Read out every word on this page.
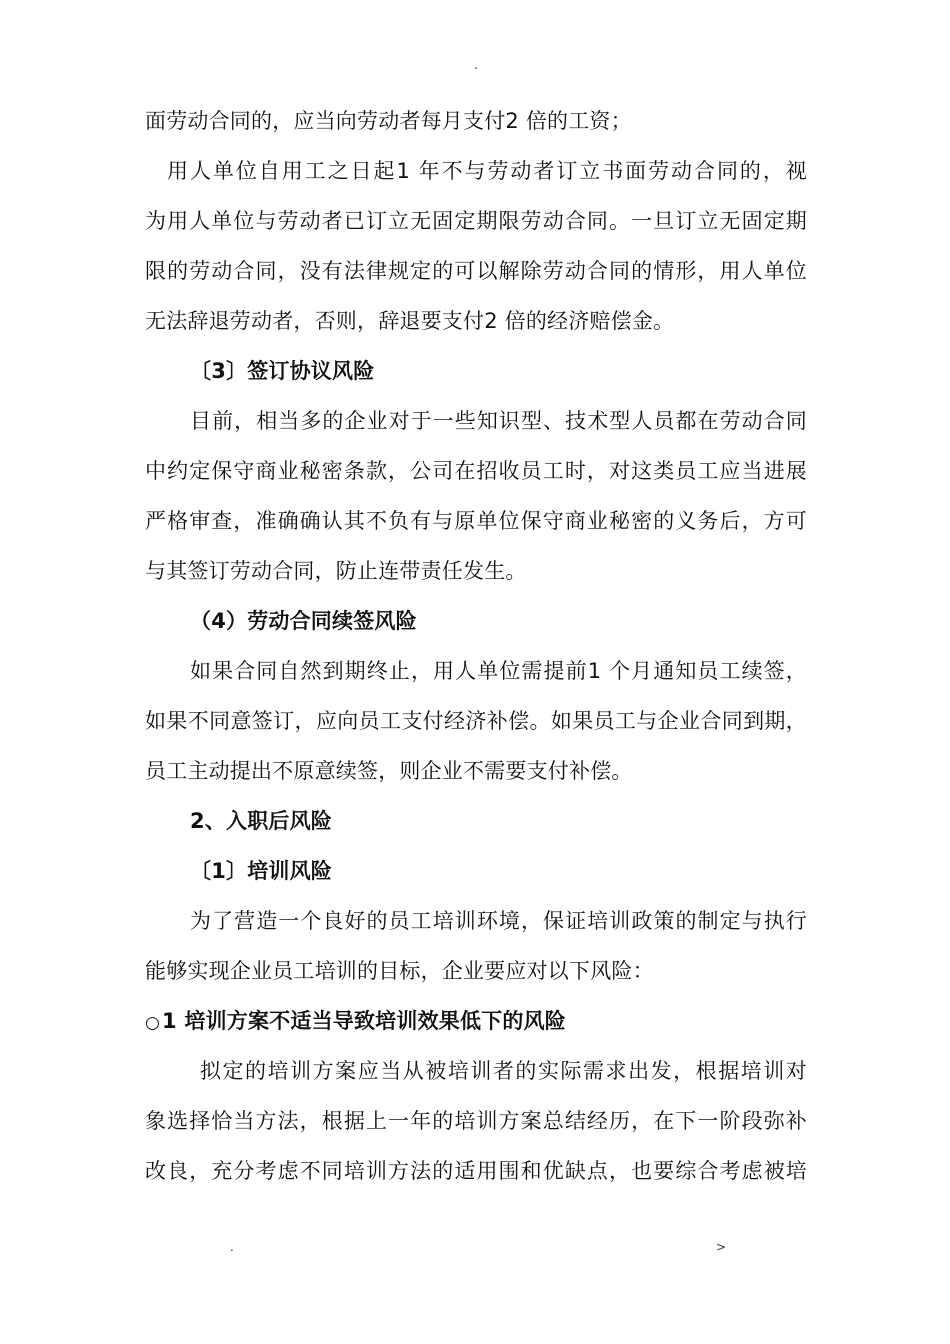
.
面劳动合同的，应当向劳动者每月支付2 倍的工资；
用人单位自用工之日起1 年不与劳动者订立书面劳动合同的，视
为用人单位与劳动者已订立无固定期限劳动合同。一旦订立无固定期
限的劳动合同，没有法律规定的可以解除劳动合同的情形，用人单位
无法辞退劳动者，否则，辞退要支付2 倍的经济赔偿金。
〔3〕签订协议风险
目前，相当多的企业对于一些知识型、技术型人员都在劳动合同
中约定保守商业秘密条款，公司在招收员工时，对这类员工应当进展
严格审查，准确确认其不负有与原单位保守商业秘密的义务后，方可
与其签订劳动合同，防止连带责任发生。
（4）劳动合同续签风险
如果合同自然到期终止，用人单位需提前1 个月通知员工续签，
如果不同意签订，应向员工支付经济补偿。如果员工与企业合同到期，
员工主动提出不原意续签，则企业不需要支付补偿。
2、入职后风险
〔1〕培训风险
为了营造一个良好的员工培训环境，保证培训政策的制定与执行
能够实现企业员工培训的目标，企业要应对以下风险：
○1 培训方案不适当导致培训效果低下的风险
拟定的培训方案应当从被培训者的实际需求出发，根据培训对
象选择恰当方法，根据上一年的培训方案总结经历，在下一阶段弥补
改良，充分考虑不同培训方法的适用围和优缺点，也要综合考虑被培
.	>
